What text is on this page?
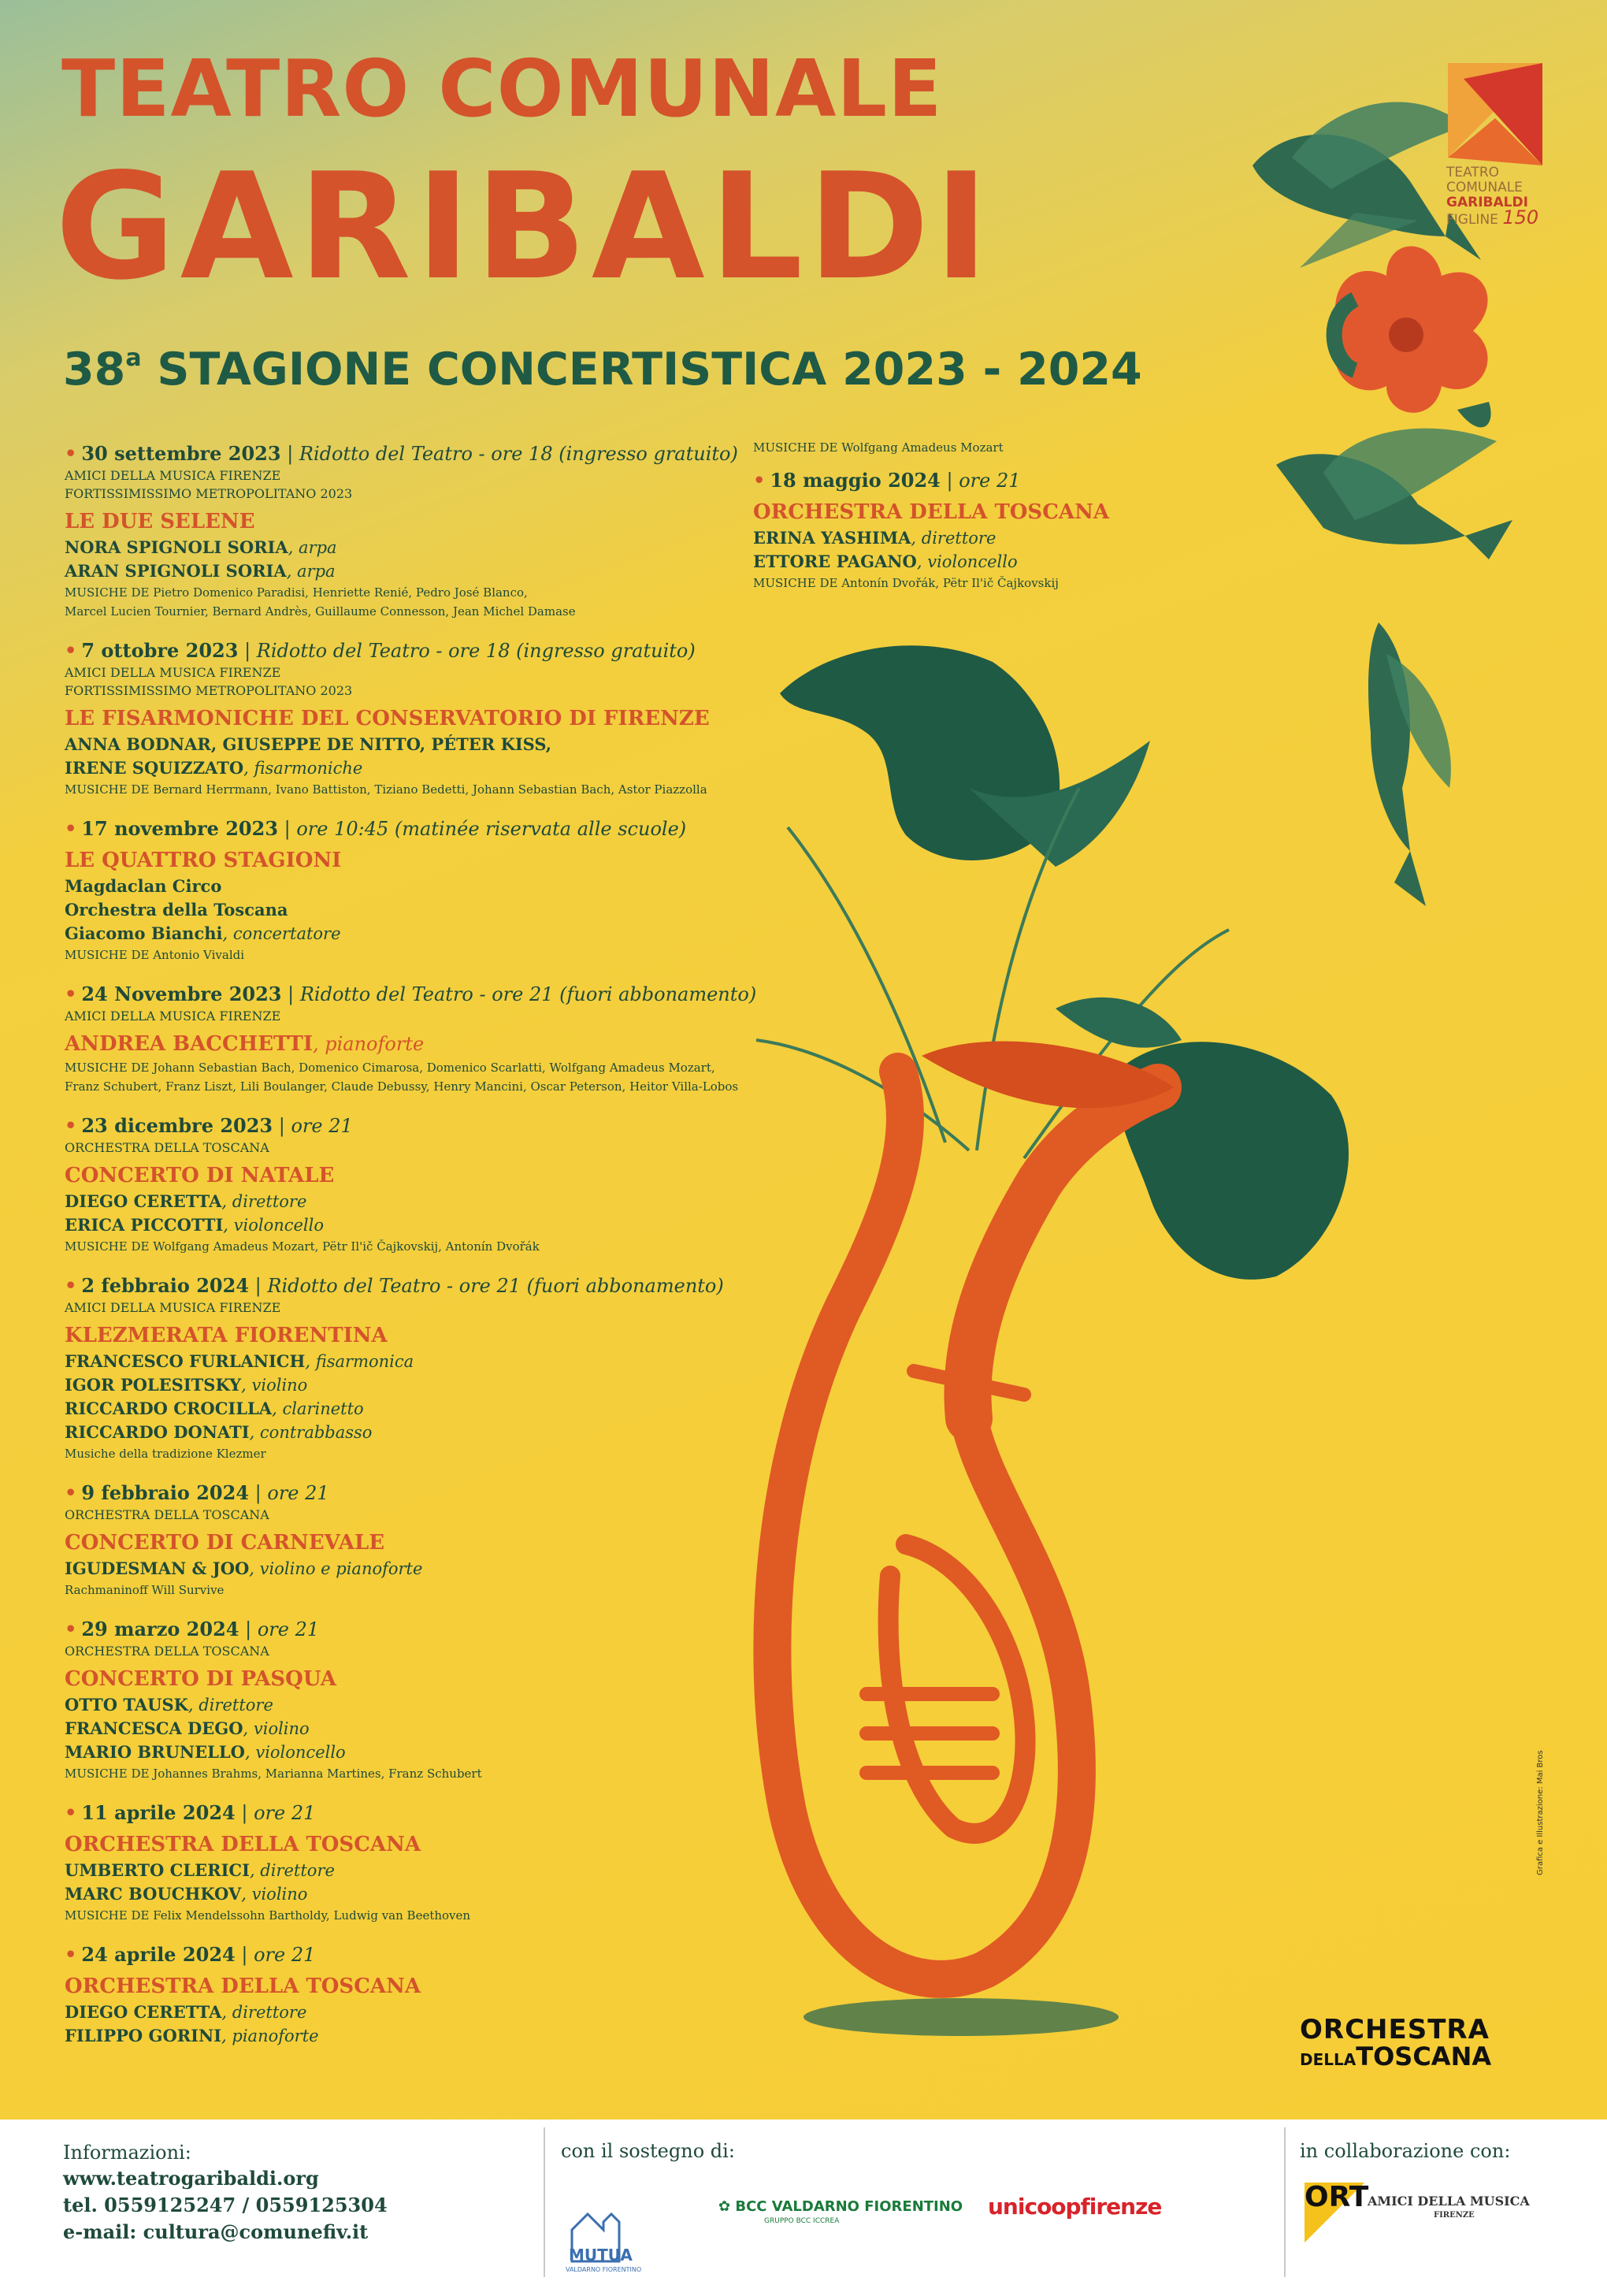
TEATRO COMUNALE
GARIBALDI
38$^a$ STAGIONE CONCERTISTICA 2023 - 2024
TEATRO
COMUNALE
GARIBALDI
FIGLINE 150
• 30 settembre 2023 | Ridotto del Teatro - ore 18 (ingresso gratuito)
AMICI DELLA MUSICA FIRENZE
FORTISSIMISSIMO METROPOLITANO 2023
LE DUE SELENE
NORA SPIGNOLI SORIA, arpa
ARAN SPIGNOLI SORIA, arpa
MUSICHE DE Pietro Domenico Paradisi, Henriette Renié, Pedro José Blanco,
Marcel Lucien Tournier, Bernard Andrès, Guillaume Connesson, Jean Michel Damase
• 7 ottobre 2023 | Ridotto del Teatro - ore 18 (ingresso gratuito)
AMICI DELLA MUSICA FIRENZE
FORTISSIMISSIMO METROPOLITANO 2023
LE FISARMONICHE DEL CONSERVATORIO DI FIRENZE
ANNA BODNAR, GIUSEPPE DE NITTO, PÉTER KISS,
IRENE SQUIZZATO, fisarmoniche
MUSICHE DE Bernard Herrmann, Ivano Battiston, Tiziano Bedetti, Johann Sebastian Bach, Astor Piazzolla
• 17 novembre 2023 | ore 10:45 (matinée riservata alle scuole)
LE QUATTRO STAGIONI
Magdaclan Circo
Orchestra della Toscana
Giacomo Bianchi, concertatore
MUSICHE DE Antonio Vivaldi
• 24 Novembre 2023 | Ridotto del Teatro - ore 21 (fuori abbonamento)
AMICI DELLA MUSICA FIRENZE
ANDREA BACCHETTI, pianoforte
MUSICHE DE Johann Sebastian Bach, Domenico Cimarosa, Domenico Scarlatti, Wolfgang Amadeus Mozart,
Franz Schubert, Franz Liszt, Lili Boulanger, Claude Debussy, Henry Mancini, Oscar Peterson, Heitor Villa-Lobos
• 23 dicembre 2023 | ore 21
ORCHESTRA DELLA TOSCANA
CONCERTO DI NATALE
DIEGO CERETTA, direttore
ERICA PICCOTTI, violoncello
MUSICHE DE Wolfgang Amadeus Mozart, Pëtr Il'ič Čajkovskij, Antonín Dvořák
• 2 febbraio 2024 | Ridotto del Teatro - ore 21 (fuori abbonamento)
AMICI DELLA MUSICA FIRENZE
KLEZMERATA FIORENTINA
FRANCESCO FURLANICH, fisarmonica
IGOR POLESITSKY, violino
RICCARDO CROCILLA, clarinetto
RICCARDO DONATI, contrabbasso
Musiche della tradizione Klezmer
• 9 febbraio 2024 | ore 21
ORCHESTRA DELLA TOSCANA
CONCERTO DI CARNEVALE
IGUDESMAN & JOO, violino e pianoforte
Rachmaninoff Will Survive
• 29 marzo 2024 | ore 21
ORCHESTRA DELLA TOSCANA
CONCERTO DI PASQUA
OTTO TAUSK, direttore
FRANCESCA DEGO, violino
MARIO BRUNELLO, violoncello
MUSICHE DE Johannes Brahms, Marianna Martines, Franz Schubert
• 11 aprile 2024 | ore 21
ORCHESTRA DELLA TOSCANA
UMBERTO CLERICI, direttore
MARC BOUCHKOV, violino
MUSICHE DE Felix Mendelssohn Bartholdy, Ludwig van Beethoven
• 24 aprile 2024 | ore 21
ORCHESTRA DELLA TOSCANA
DIEGO CERETTA, direttore
FILIPPO GORINI, pianoforte
MUSICHE DE Wolfgang Amadeus Mozart
• 18 maggio 2024 | ore 21
ORCHESTRA DELLA TOSCANA
ERINA YASHIMA, direttore
ETTORE PAGANO, violoncello
MUSICHE DE Antonín Dvořák, Pëtr Il'ič Čajkovskij
ORCHESTRA
DELLATOSCANA
Grafica e Illustrazione: Mai Bros
Informazioni:
www.teatrogaribaldi.org
tel. 0559125247 / 0559125304
e-mail: cultura@comunefiv.it
con il sostegno di:	in collaborazione con:
MUTUA
VALDARNO FIORENTINO
✿ BCC VALDARNO FIORENTINO
GRUPPO BCC ICCREA
unicoopfirenze	ORT
AMICI DELLA MUSICA
FIRENZE
